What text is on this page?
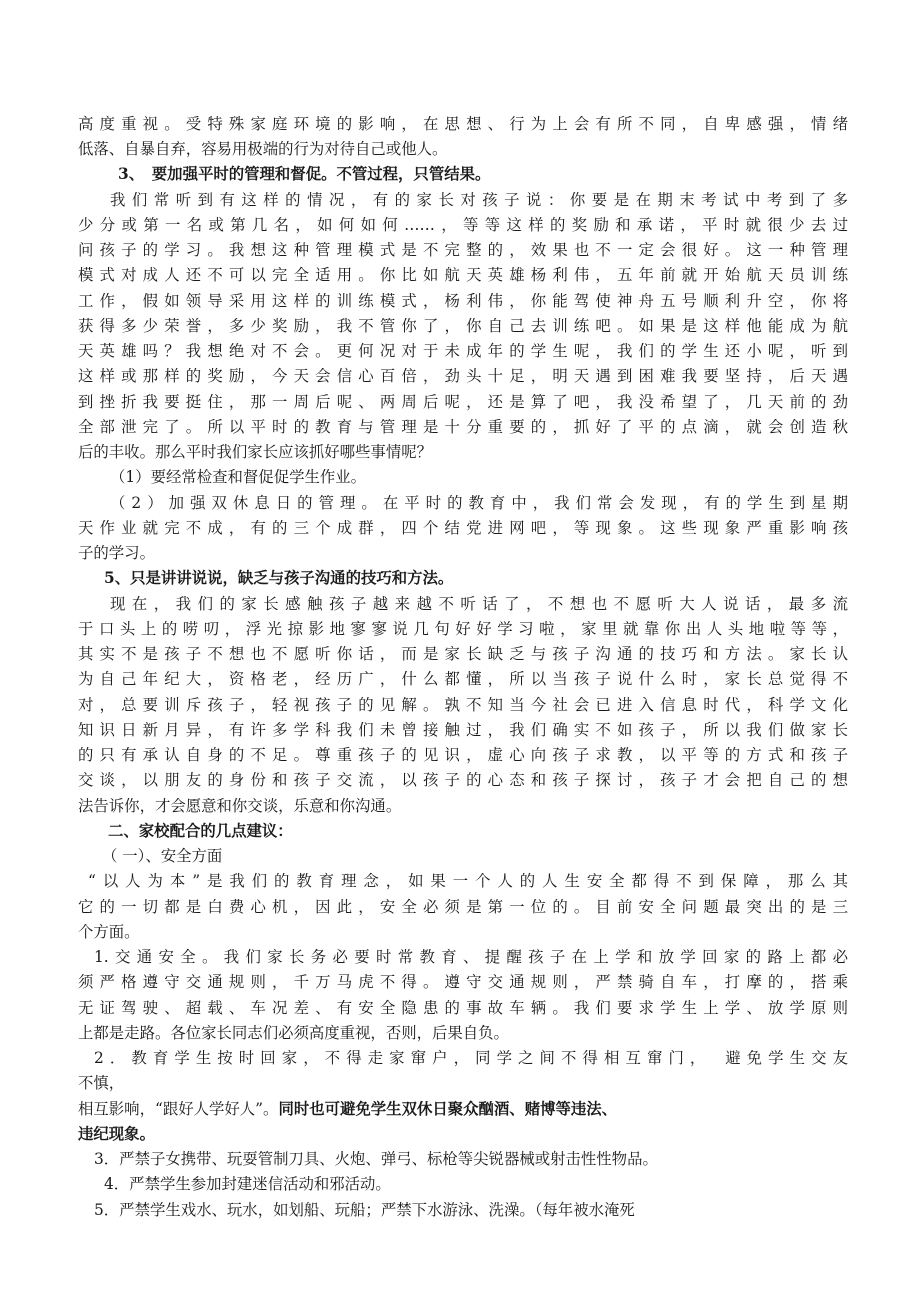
高度重视。受特殊家庭环境的影响，在思想、行为上会有所不同，自卑感强，情绪
低落、自暴自弃，容易用极端的行为对待自己或他人。
3、　要加强平时的管理和督促。不管过程，只管结果。
我们常听到有这样的情况，有的家长对孩子说：你要是在期末考试中考到了多
少分或第一名或第几名，如何如何……，等等这样的奖励和承诺，平时就很少去过
问孩子的学习。我想这种管理模式是不完整的，效果也不一定会很好。这一种管理
模式对成人还不可以完全适用。你比如航天英雄杨利伟，五年前就开始航天员训练
工作，假如领导采用这样的训练模式，杨利伟，你能驾使神舟五号顺利升空，你将
获得多少荣誉，多少奖励，我不管你了，你自己去训练吧。如果是这样他能成为航
天英雄吗？我想绝对不会。更何况对于未成年的学生呢，我们的学生还小呢，听到
这样或那样的奖励，今天会信心百倍，劲头十足，明天遇到困难我要坚持，后天遇
到挫折我要挺住，那一周后呢、两周后呢，还是算了吧，我没希望了，几天前的劲
全部泄完了。所以平时的教育与管理是十分重要的，抓好了平的点滴，就会创造秋
后的丰收。那么平时我们家长应该抓好哪些事情呢？
（1）要经常检查和督促促学生作业。
（2）加强双休息日的管理。在平时的教育中，我们常会发现，有的学生到星期
天作业就完不成，有的三个成群，四个结党进网吧，等现象。这些现象严重影响孩
子的学习。
5、只是讲讲说说，缺乏与孩子沟通的技巧和方法。
现在，我们的家长感触孩子越来越不听话了，不想也不愿听大人说话，最多流
于口头上的唠叨，浮光掠影地寥寥说几句好好学习啦，家里就靠你出人头地啦等等，
其实不是孩子不想也不愿听你话，而是家长缺乏与孩子沟通的技巧和方法。家长认
为自己年纪大，资格老，经历广，什么都懂，所以当孩子说什么时，家长总觉得不
对，总要训斥孩子，轻视孩子的见解。孰不知当今社会已进入信息时代，科学文化
知识日新月异，有许多学科我们未曾接触过，我们确实不如孩子，所以我们做家长
的只有承认自身的不足。尊重孩子的见识，虚心向孩子求教，以平等的方式和孩子
交谈，以朋友的身份和孩子交流，以孩子的心态和孩子探讨，孩子才会把自己的想
法告诉你，才会愿意和你交谈，乐意和你沟通。
二、家校配合的几点建议：
（ 一）、安全方面
“以人为本”是我们的教育理念，如果一个人的人生安全都得不到保障，那么其
它的一切都是白费心机，因此，安全必须是第一位的。目前安全问题最突出的是三
个方面。
1.交通安全。我们家长务必要时常教育、提醒孩子在上学和放学回家的路上都必
须严格遵守交通规则，千万马虎不得。遵守交通规则，严禁骑自车，打摩的，搭乘
无证驾驶、超载、车况差、有安全隐患的事故车辆。我们要求学生上学、放学原则
上都是走路。各位家长同志们必须高度重视，否则，后果自负。
2．教育学生按时回家，不得走家窜户，同学之间不得相互窜门，　避免学生交友
不慎，
相互影响，“跟好人学好人”。同时也可避免学生双休日聚众酗酒、赌博等违法、
违纪现象。
3．严禁子女携带、玩耍管制刀具、火炮、弹弓、标枪等尖锐器械或射击性性物品。
4．严禁学生参加封建迷信活动和邪活动。
5．严禁学生戏水、玩水，如划船、玩船；严禁下水游泳、洗澡。（每年被水淹死
